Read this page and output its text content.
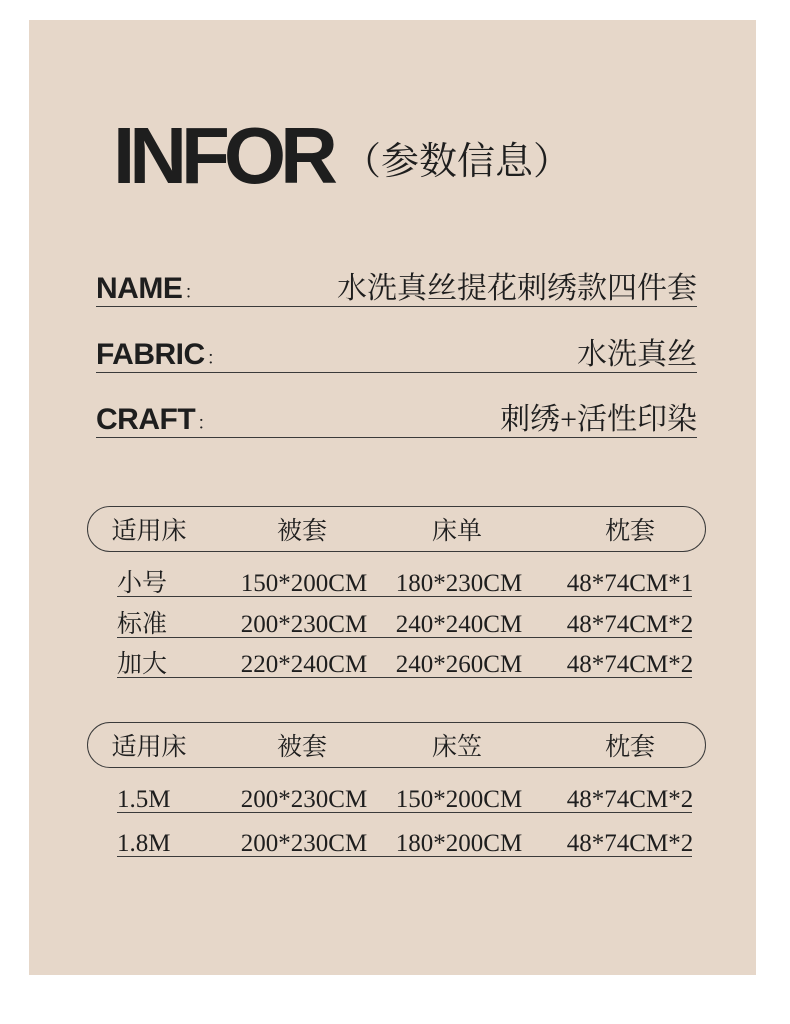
INFOR （参数信息）
NAME ：	水洗真丝提花刺绣款四件套
FABRIC ：	水洗真丝
CRAFT ：	刺绣+活性印染
适用床	被套	床单	枕套
小号	150*200CM 180*230CM 48*74CM*1
标准	200*230CM 240*240CM 48*74CM*2
加大	220*240CM 240*260CM 48*74CM*2
适用床	被套	床笠	枕套
1.5M	200*230CM 150*200CM 48*74CM*2
1.8M	200*230CM 180*200CM 48*74CM*2
